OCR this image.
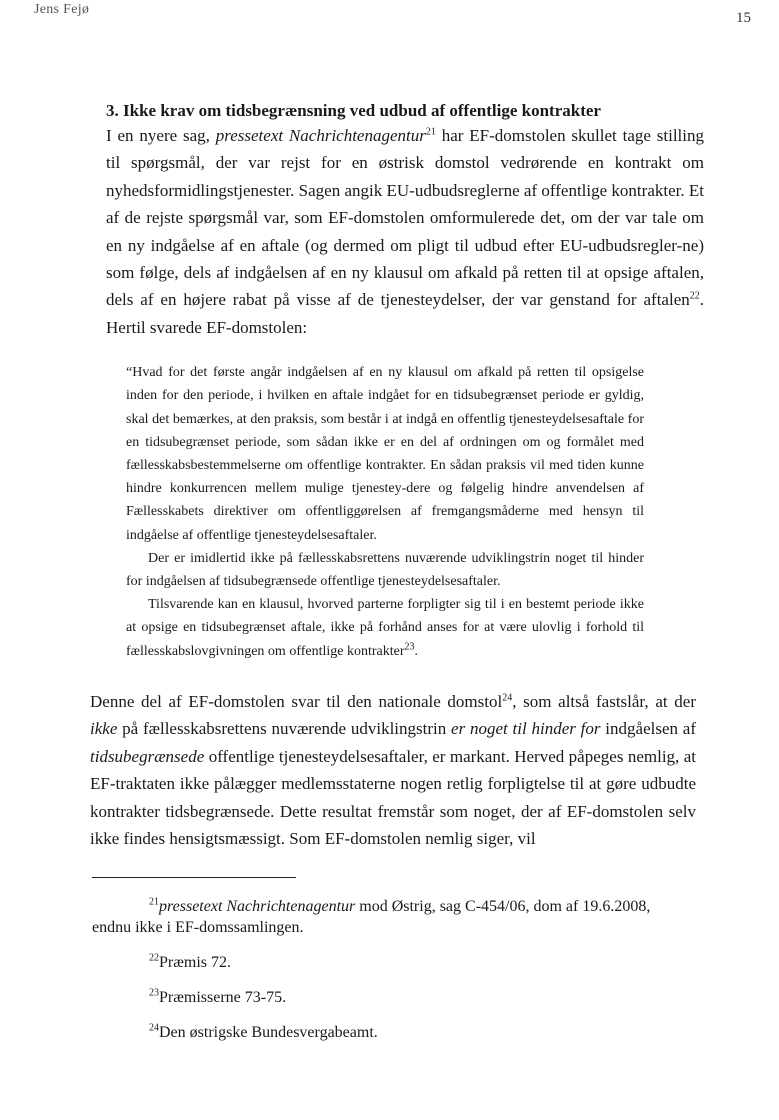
Jens Fejø
15
3. Ikke krav om tidsbegrænsning ved udbud af offentlige kontrakter

I en nyere sag, pressetext Nachrichtenagentur$^{21}$ har EF-domstolen skullet tage stilling til spørgsmål, der var rejst for en østrisk domstol vedrørende en kontrakt om nyhedsformidlingstjenester. Sagen angik EU-udbudsreglerne af offentlige kontrakter. Et af de rejste spørgsmål var, som EF-domstolen omformulerede det, om der var tale om en ny indgåelse af en aftale (og dermed om pligt til udbud efter EU-udbudsregler-ne) som følge, dels af indgåelsen af en ny klausul om afkald på retten til at opsige aftalen, dels af en højere rabat på visse af de tjenesteydelser, der var genstand for aftalen$^{22}$. Hertil svarede EF-domstolen:

“Hvad for det første angår indgåelsen af en ny klausul om afkald på retten til opsigelse inden for den periode, i hvilken en aftale indgået for en tidsubegrænset periode er gyldig, skal det bemærkes, at den praksis, som består i at indgå en offentlig tjenesteydelsesaftale for en tidsubegrænset periode, som sådan ikke er en del af ordningen om og formålet med fællesskabsbestemmelserne om offentlige kontrakter. En sådan praksis vil med tiden kunne hindre konkurrencen mellem mulige tjenestey-dere og følgelig hindre anvendelsen af Fællesskabets direktiver om offentliggørelsen af fremgangsmåderne med hensyn til indgåelse af offentlige tjenesteydelsesaftaler.

Der er imidlertid ikke på fællesskabsrettens nuværende udviklingstrin noget til hinder for indgåelsen af tidsubegrænsede offentlige tjenesteydelsesaftaler.

Tilsvarende kan en klausul, hvorved parterne forpligter sig til i en bestemt periode ikke at opsige en tidsubegrænset aftale, ikke på forhånd anses for at være ulovlig i forhold til fællesskabslovgivningen om offentlige kontrakter$^{23}$.

Denne del af EF-domstolen svar til den nationale domstol$^{24}$, som altså fastslår, at der ikke på fællesskabsrettens nuværende udviklingstrin er noget til hinder for indgåelsen af tidsubegrænsede offentlige tjenesteydelsesaftaler, er markant. Herved påpeges nemlig, at EF-traktaten ikke pålægger medlemsstaterne nogen retlig forpligtelse til at gøre udbudte kontrakter tidsbegrænsede. Dette resultat fremstår som noget, der af EF-domstolen selv ikke findes hensigtsmæssigt. Som EF-domstolen nemlig siger, vil

$^{21}$pressetext Nachrichtenagentur mod Østrig, sag C-454/06, dom af 19.6.2008, endnu ikke i EF-domssamlingen.

$^{22}$Præmis 72.

$^{23}$Præmisserne 73-75.

$^{24}$Den østrigske Bundesvergabeamt.
